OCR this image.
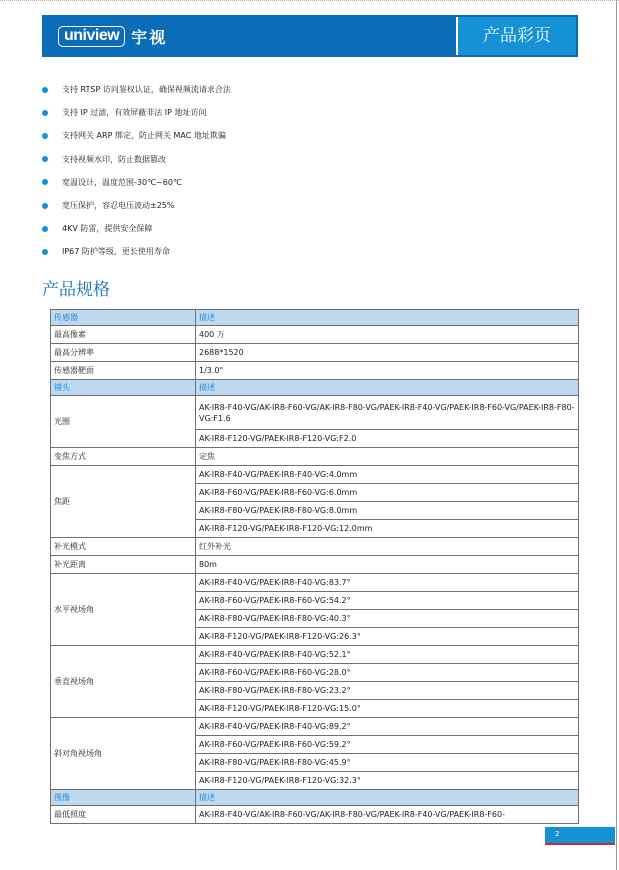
uniview 宇视	产品彩页
支持 RTSP 访问鉴权认证，确保视频流请求合法
支持 IP 过滤，有效屏蔽非法 IP 地址访问
支持网关 ARP 绑定，防止网关 MAC 地址欺骗
支持视频水印，防止数据篡改
宽温设计，温度范围-30℃~60℃
宽压保护，容忍电压波动±25%
4KV 防雷，提供安全保障
IP67 防护等级，更长使用寿命
产品规格
传感器	描述
最高像素	400 万
最高分辨率	2688*1520
传感器靶面	1/3.0"
镜头	描述
光圈	AK-IR8-F40-VG/AK-IR8-F60-VG/AK-IR8-F80-VG/PAEK-IR8-F40-VG/PAEK-IR8-F60-VG/PAEK-IR8-F80-VG:F1.6
	AK-IR8-F120-VG/PAEK-IR8-F120-VG:F2.0
变焦方式	定焦
焦距	AK-IR8-F40-VG/PAEK-IR8-F40-VG:4.0mm
	AK-IR8-F60-VG/PAEK-IR8-F60-VG:6.0mm
	AK-IR8-F80-VG/PAEK-IR8-F80-VG:8.0mm
	AK-IR8-F120-VG/PAEK-IR8-F120-VG:12.0mm
补光模式	红外补光
补光距离	80m
水平视场角	AK-IR8-F40-VG/PAEK-IR8-F40-VG:83.7°
	AK-IR8-F60-VG/PAEK-IR8-F60-VG:54.2°
	AK-IR8-F80-VG/PAEK-IR8-F80-VG:40.3°
	AK-IR8-F120-VG/PAEK-IR8-F120-VG:26.3°
垂直视场角	AK-IR8-F40-VG/PAEK-IR8-F40-VG:52.1°
	AK-IR8-F60-VG/PAEK-IR8-F60-VG:28.0°
	AK-IR8-F80-VG/PAEK-IR8-F80-VG:23.2°
	AK-IR8-F120-VG/PAEK-IR8-F120-VG:15.0°
斜对角视场角	AK-IR8-F40-VG/PAEK-IR8-F40-VG:89.2°
	AK-IR8-F60-VG/PAEK-IR8-F60-VG:59.2°
	AK-IR8-F80-VG/PAEK-IR8-F80-VG:45.9°
	AK-IR8-F120-VG/PAEK-IR8-F120-VG:32.3°
图像	描述
最低照度	AK-IR8-F40-VG/AK-IR8-F60-VG/AK-IR8-F80-VG/PAEK-IR8-F40-VG/PAEK-IR8-F60-
2
